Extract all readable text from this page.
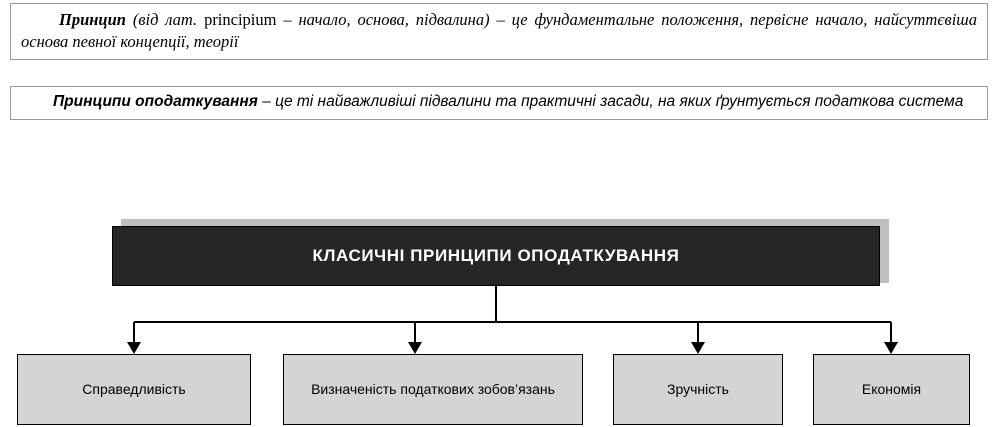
Принцип (від лат. principium – начало, основа, підвалина) – це фундаментальне положення, первісне начало, найсуттєвіша основа певної концепції, теорії
Принципи оподаткування – це ті найважливіші підвалини та практичні засади, на яких ґрунтується податкова система
КЛАСИЧНІ ПРИНЦИПИ ОПОДАТКУВАННЯ
Справедливість	Визначеність податкових зобов’язань	Зручність	Економія
